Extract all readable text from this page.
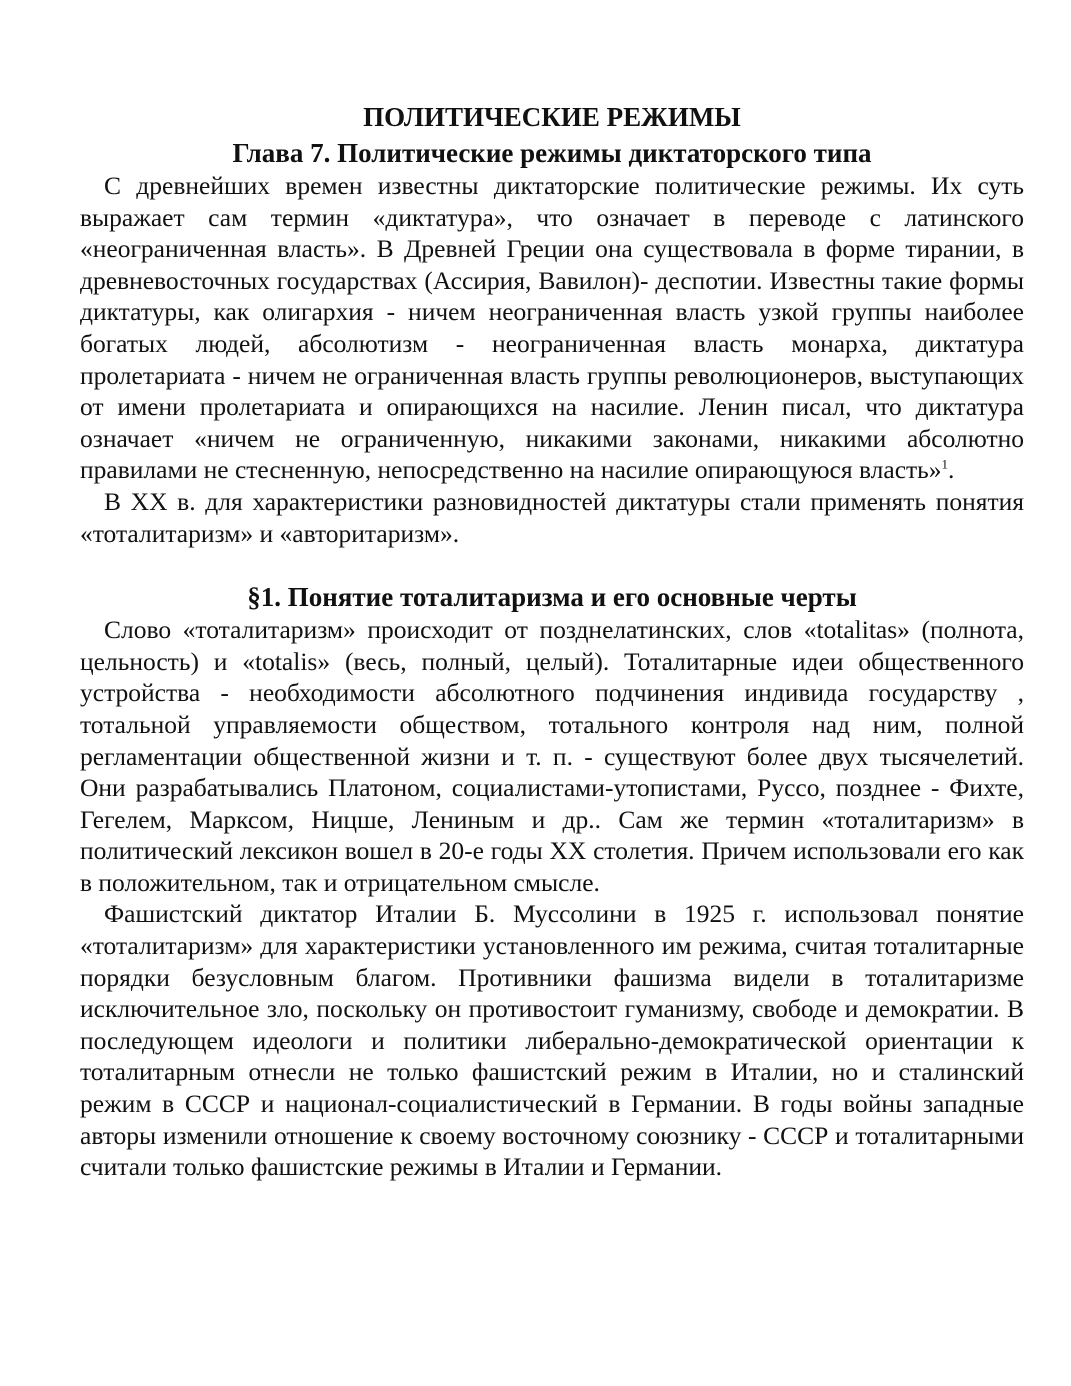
ПОЛИТИЧЕСКИЕ РЕЖИМЫ
Глава 7. Политические режимы диктаторского типа

С древнейших времен известны диктаторские политические режимы. Их суть выражает сам термин «диктатура», что означает в переводе с латинского «неограниченная власть». В Древней Греции она существовала в форме тирании, в древневосточных государствах (Ассирия, Вавилон)- деспотии. Известны такие формы диктатуры, как олигархия - ничем неограниченная власть узкой группы наиболее богатых людей, абсолютизм - неограниченная власть монарха, диктатура пролетариата - ничем не ограниченная власть группы революционеров, выступающих от имени пролетариата и опирающихся на насилие. Ленин писал, что диктатура означает «ничем не ограниченную, никакими законами, никакими абсолютно правилами не стесненную, непосредственно на насилие опирающуюся власть»$^1$.

В XX в. для характеристики разновидностей диктатуры стали применять понятия «тоталитаризм» и «авторитаризм».

§1. Понятие тоталитаризма и его основные черты

Слово «тоталитаризм» происходит от позднелатинских, слов «totalitas» (полнота, цельность) и «totalis» (весь, полный, целый). Тоталитарные идеи общественного устройства - необходимости абсолютного подчинения индивида государству , тотальной управляемости обществом, тотального контроля над ним, полной регламентации общественной жизни и т. п. - существуют более двух тысячелетий. Они разрабатывались Платоном, социалистами-утопистами, Руссо, позднее - Фихте, Гегелем, Марксом, Ницше, Лениным и др.. Сам же термин «тоталитаризм» в политический лексикон вошел в 20-е годы XX столетия. Причем использовали его как в положительном, так и отрицательном смысле.

Фашистский диктатор Италии Б. Муссолини в 1925 г. использовал понятие «тоталитаризм» для характеристики установленного им режима, считая тоталитарные порядки безусловным благом. Противники фашизма видели в тоталитаризме исключительное зло, поскольку он противостоит гуманизму, свободе и демократии. В последующем идеологи и политики либерально-демократической ориентации к тоталитарным отнесли не только фашистский режим в Италии, но и сталинский режим в СССР и национал-социалистический в Германии. В годы войны западные авторы изменили отношение к своему восточному союзнику - СССР и тоталитарными считали только фашистские режимы в Италии и Германии.
